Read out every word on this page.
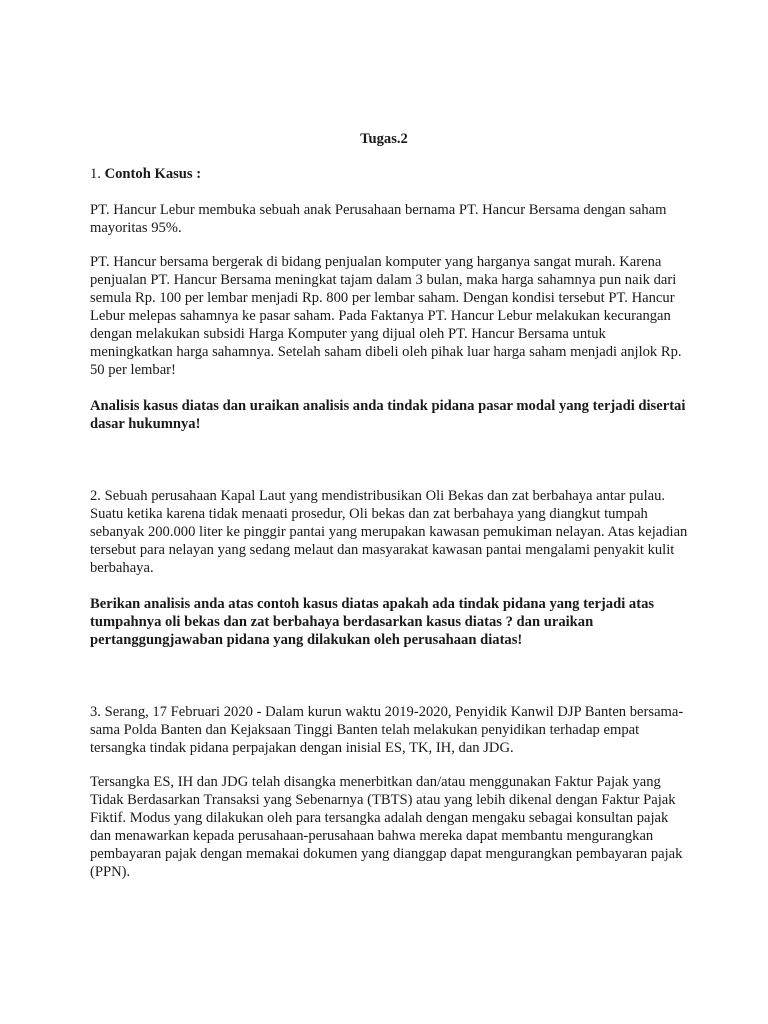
Tugas.2

1. Contoh Kasus :

PT. Hancur Lebur membuka sebuah anak Perusahaan bernama PT. Hancur Bersama dengan saham mayoritas 95%.

PT. Hancur bersama bergerak di bidang penjualan komputer yang harganya sangat murah. Karena penjualan PT. Hancur Bersama meningkat tajam dalam 3 bulan, maka harga sahamnya pun naik dari semula Rp. 100 per lembar menjadi Rp. 800 per lembar saham. Dengan kondisi tersebut PT. Hancur Lebur melepas sahamnya ke pasar saham. Pada Faktanya PT. Hancur Lebur melakukan kecurangan dengan melakukan subsidi Harga Komputer yang dijual oleh PT. Hancur Bersama untuk meningkatkan harga sahamnya. Setelah saham dibeli oleh pihak luar harga saham menjadi anjlok Rp. 50 per lembar!

Analisis kasus diatas dan uraikan analisis anda tindak pidana pasar modal yang terjadi disertai dasar hukumnya!

2. Sebuah perusahaan Kapal Laut yang mendistribusikan Oli Bekas dan zat berbahaya antar pulau. Suatu ketika karena tidak menaati prosedur, Oli bekas dan zat berbahaya yang diangkut tumpah sebanyak 200.000 liter ke pinggir pantai yang merupakan kawasan pemukiman nelayan. Atas kejadian tersebut para nelayan yang sedang melaut dan masyarakat kawasan pantai mengalami penyakit kulit berbahaya.

Berikan analisis anda atas contoh kasus diatas apakah ada tindak pidana yang terjadi atas tumpahnya oli bekas dan zat berbahaya berdasarkan kasus diatas ? dan uraikan pertanggungjawaban pidana yang dilakukan oleh perusahaan diatas!

3. Serang, 17 Februari 2020 - Dalam kurun waktu 2019-2020, Penyidik Kanwil DJP Banten bersama-sama Polda Banten dan Kejaksaan Tinggi Banten telah melakukan penyidikan terhadap empat tersangka tindak pidana perpajakan dengan inisial ES, TK, IH, dan JDG.

Tersangka ES, IH dan JDG telah disangka menerbitkan dan/atau menggunakan Faktur Pajak yang Tidak Berdasarkan Transaksi yang Sebenarnya (TBTS) atau yang lebih dikenal dengan Faktur Pajak Fiktif. Modus yang dilakukan oleh para tersangka adalah dengan mengaku sebagai konsultan pajak dan menawarkan kepada perusahaan-perusahaan bahwa mereka dapat membantu mengurangkan pembayaran pajak dengan memakai dokumen yang dianggap dapat mengurangkan pembayaran pajak (PPN).
